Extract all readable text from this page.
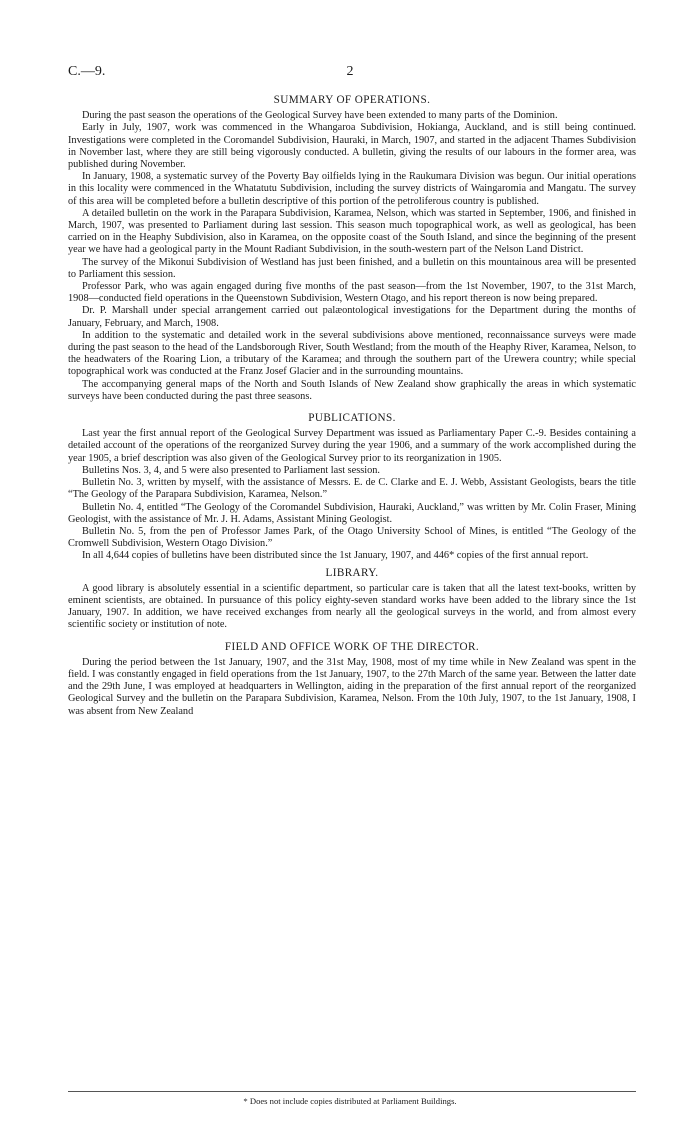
C.—9.	2
SUMMARY OF OPERATIONS.

During the past season the operations of the Geological Survey have been extended to many parts of the Dominion.

Early in July, 1907, work was commenced in the Whangaroa Subdivision, Hokianga, Auckland, and is still being continued. Investigations were completed in the Coromandel Subdivision, Hauraki, in March, 1907, and started in the adjacent Thames Subdivision in November last, where they are still being vigorously conducted. A bulletin, giving the results of our labours in the former area, was published during November.

In January, 1908, a systematic survey of the Poverty Bay oilfields lying in the Raukumara Division was begun. Our initial operations in this locality were commenced in the Whatatutu Subdivision, including the survey districts of Waingaromia and Mangatu. The survey of this area will be completed before a bulletin descriptive of this portion of the petroliferous country is published.

A detailed bulletin on the work in the Parapara Subdivision, Karamea, Nelson, which was started in September, 1906, and finished in March, 1907, was presented to Parliament during last session. This season much topographical work, as well as geological, has been carried on in the Heaphy Subdivision, also in Karamea, on the opposite coast of the South Island, and since the beginning of the present year we have had a geological party in the Mount Radiant Subdivision, in the south-western part of the Nelson Land District.

The survey of the Mikonui Subdivision of Westland has just been finished, and a bulletin on this mountainous area will be presented to Parliament this session.

Professor Park, who was again engaged during five months of the past season—from the 1st November, 1907, to the 31st March, 1908—conducted field operations in the Queenstown Subdivision, Western Otago, and his report thereon is now being prepared.

Dr. P. Marshall under special arrangement carried out palæontological investigations for the Department during the months of January, February, and March, 1908.

In addition to the systematic and detailed work in the several subdivisions above mentioned, reconnaissance surveys were made during the past season to the head of the Landsborough River, South Westland; from the mouth of the Heaphy River, Karamea, Nelson, to the headwaters of the Roaring Lion, a tributary of the Karamea; and through the southern part of the Urewera country; while special topographical work was conducted at the Franz Josef Glacier and in the surrounding mountains.

The accompanying general maps of the North and South Islands of New Zealand show graphically the areas in which systematic surveys have been conducted during the past three seasons.

PUBLICATIONS.

Last year the first annual report of the Geological Survey Department was issued as Parliamentary Paper C.-9. Besides containing a detailed account of the operations of the reorganized Survey during the year 1906, and a summary of the work accomplished during the year 1905, a brief description was also given of the Geological Survey prior to its reorganization in 1905.

Bulletins Nos. 3, 4, and 5 were also presented to Parliament last session.

Bulletin No. 3, written by myself, with the assistance of Messrs. E. de C. Clarke and E. J. Webb, Assistant Geologists, bears the title “The Geology of the Parapara Subdivision, Karamea, Nelson.”

Bulletin No. 4, entitled “The Geology of the Coromandel Subdivision, Hauraki, Auckland,” was written by Mr. Colin Fraser, Mining Geologist, with the assistance of Mr. J. H. Adams, Assistant Mining Geologist.

Bulletin No. 5, from the pen of Professor James Park, of the Otago University School of Mines, is entitled “The Geology of the Cromwell Subdivision, Western Otago Division.”

In all 4,644 copies of bulletins have been distributed since the 1st January, 1907, and 446* copies of the first annual report.

LIBRARY.

A good library is absolutely essential in a scientific department, so particular care is taken that all the latest text-books, written by eminent scientists, are obtained. In pursuance of this policy eighty-seven standard works have been added to the library since the 1st January, 1907. In addition, we have received exchanges from nearly all the geological surveys in the world, and from almost every scientific society or institution of note.

FIELD AND OFFICE WORK OF THE DIRECTOR.

During the period between the 1st January, 1907, and the 31st May, 1908, most of my time while in New Zealand was spent in the field. I was constantly engaged in field operations from the 1st January, 1907, to the 27th March of the same year. Between the latter date and the 29th June, I was employed at headquarters in Wellington, aiding in the preparation of the first annual report of the reorganized Geological Survey and the bulletin on the Parapara Subdivision, Karamea, Nelson. From the 10th July, 1907, to the 1st January, 1908, I was absent from New Zealand

* Does not include copies distributed at Parliament Buildings.
